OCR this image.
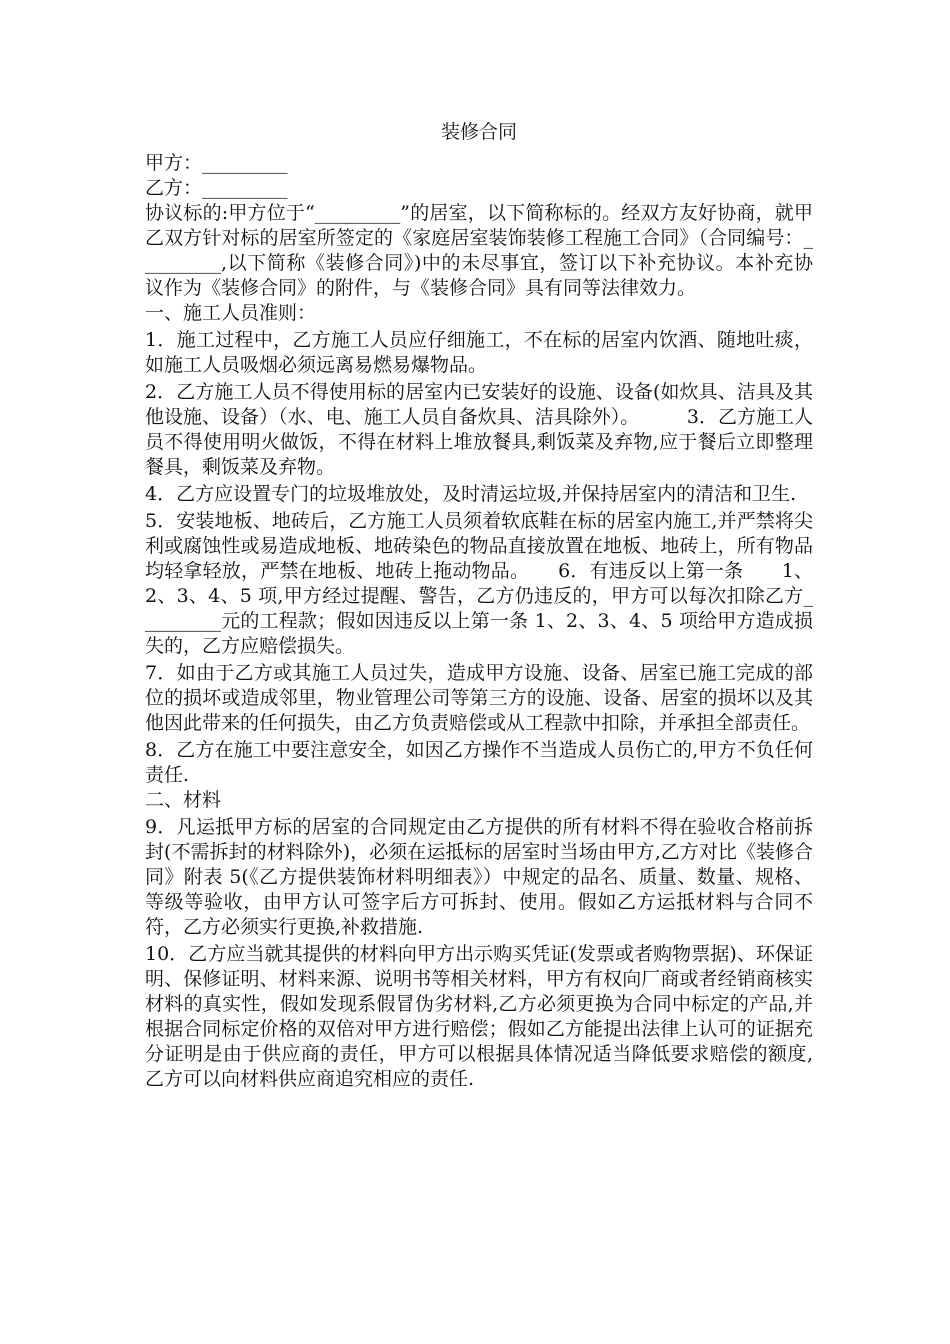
装修合同

甲方：_________

乙方：_________

协议标的:甲方位于“_________”的居室，以下简称标的。经双方友好协商，就甲乙双方针对标的居室所签定的《家庭居室装饰装修工程施工合同》（合同编号：_________,以下简称《装修合同》)中的未尽事宜，签订以下补充协议。本补充协议作为《装修合同》的附件，与《装修合同》具有同等法律效力。

一、施工人员准则：

1．施工过程中，乙方施工人员应仔细施工，不在标的居室内饮酒、随地吐痰，如施工人员吸烟必须远离易燃易爆物品。

2．乙方施工人员不得使用标的居室内已安装好的设施、设备(如炊具、洁具及其他设施、设备）（水、电、施工人员自备炊具、洁具除外）。　　　3．乙方施工人员不得使用明火做饭，不得在材料上堆放餐具,剩饭菜及弃物,应于餐后立即整理餐具，剩饭菜及弃物。

4．乙方应设置专门的垃圾堆放处，及时清运垃圾,并保持居室内的清洁和卫生.

5．安装地板、地砖后，乙方施工人员须着软底鞋在标的居室内施工,并严禁将尖利或腐蚀性或易造成地板、地砖染色的物品直接放置在地板、地砖上，所有物品均轻拿轻放，严禁在地板、地砖上拖动物品。　　6．有违反以上第一条　　1、2、3、4、5 项,甲方经过提醒、警告，乙方仍违反的，甲方可以每次扣除乙方_________元的工程款；假如因违反以上第一条 1、2、3、4、5 项给甲方造成损失的，乙方应赔偿损失。

7．如由于乙方或其施工人员过失，造成甲方设施、设备、居室已施工完成的部位的损坏或造成邻里，物业管理公司等第三方的设施、设备、居室的损坏以及其他因此带来的任何损失，由乙方负责赔偿或从工程款中扣除，并承担全部责任。

8．乙方在施工中要注意安全，如因乙方操作不当造成人员伤亡的,甲方不负任何责任.

二、材料

9．凡运抵甲方标的居室的合同规定由乙方提供的所有材料不得在验收合格前拆封(不需拆封的材料除外)，必须在运抵标的居室时当场由甲方,乙方对比《装修合同》附表 5(《乙方提供装饰材料明细表》）中规定的品名、质量、数量、规格、等级等验收，由甲方认可签字后方可拆封、使用。假如乙方运抵材料与合同不符，乙方必须实行更换,补救措施.

10．乙方应当就其提供的材料向甲方出示购买凭证(发票或者购物票据)、环保证明、保修证明、材料来源、说明书等相关材料，甲方有权向厂商或者经销商核实材料的真实性，假如发现系假冒伪劣材料,乙方必须更换为合同中标定的产品,并根据合同标定价格的双倍对甲方进行赔偿；假如乙方能提出法律上认可的证据充分证明是由于供应商的责任，甲方可以根据具体情况适当降低要求赔偿的额度,乙方可以向材料供应商追究相应的责任.
